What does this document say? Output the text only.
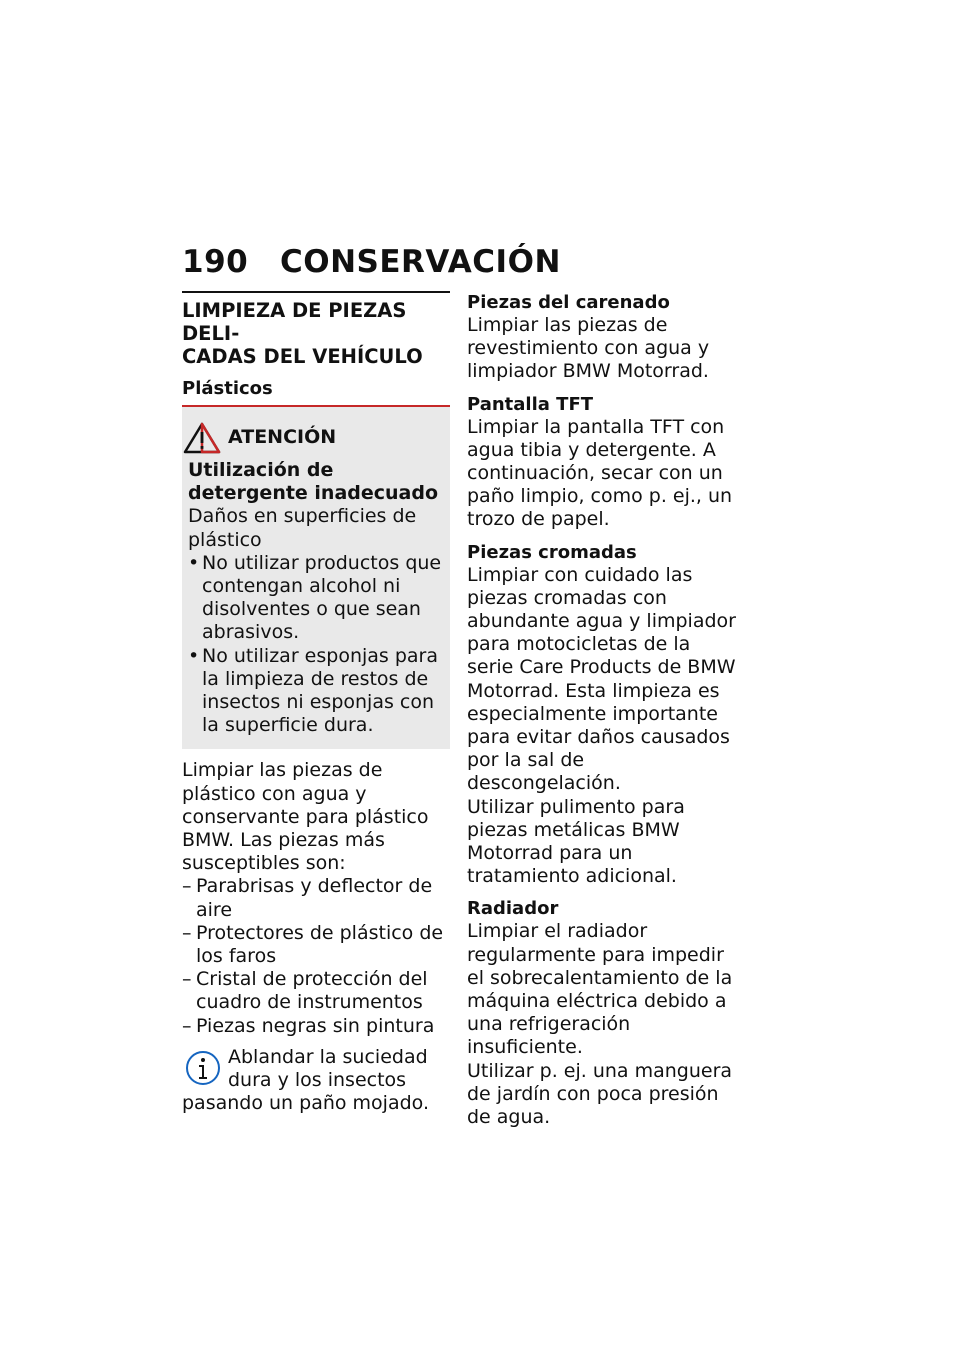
190 CONSERVACIÓN
LIMPIEZA DE PIEZAS DELI-
CADAS DEL VEHÍCULO
Plásticos
ATENCIÓN
Utilización de detergente inadecuado
Daños en superficies de plástico
• No utilizar productos que contengan alcohol ni disolventes o que sean abrasivos.
• No utilizar esponjas para la limpieza de restos de insectos ni esponjas con la superficie dura.

Limpiar las piezas de plástico con agua y conservante para plástico BMW. Las piezas más susceptibles son:

– Parabrisas y deflector de aire
– Protectores de plástico de los faros
– Cristal de protección del cuadro de instrumentos
– Piezas negras sin pintura
Ablandar la suciedad dura y los insectos pasando un paño mojado.
Piezas del carenado

Limpiar las piezas de revestimiento con agua y limpiador BMW Motorrad.

Pantalla TFT

Limpiar la pantalla TFT con agua tibia y detergente. A continuación, secar con un paño limpio, como p. ej., un trozo de papel.

Piezas cromadas

Limpiar con cuidado las piezas cromadas con abundante agua y limpiador para motocicletas de la serie Care Products de BMW Motorrad. Esta limpieza es especialmente importante para evitar daños causados por la sal de descongelación.

Utilizar pulimento para piezas metálicas BMW Motorrad para un tratamiento adicional.

Radiador

Limpiar el radiador regularmente para impedir el sobrecalentamiento de la máquina eléctrica debido a una refrigeración insuficiente.

Utilizar p. ej. una manguera de jardín con poca presión de agua.
